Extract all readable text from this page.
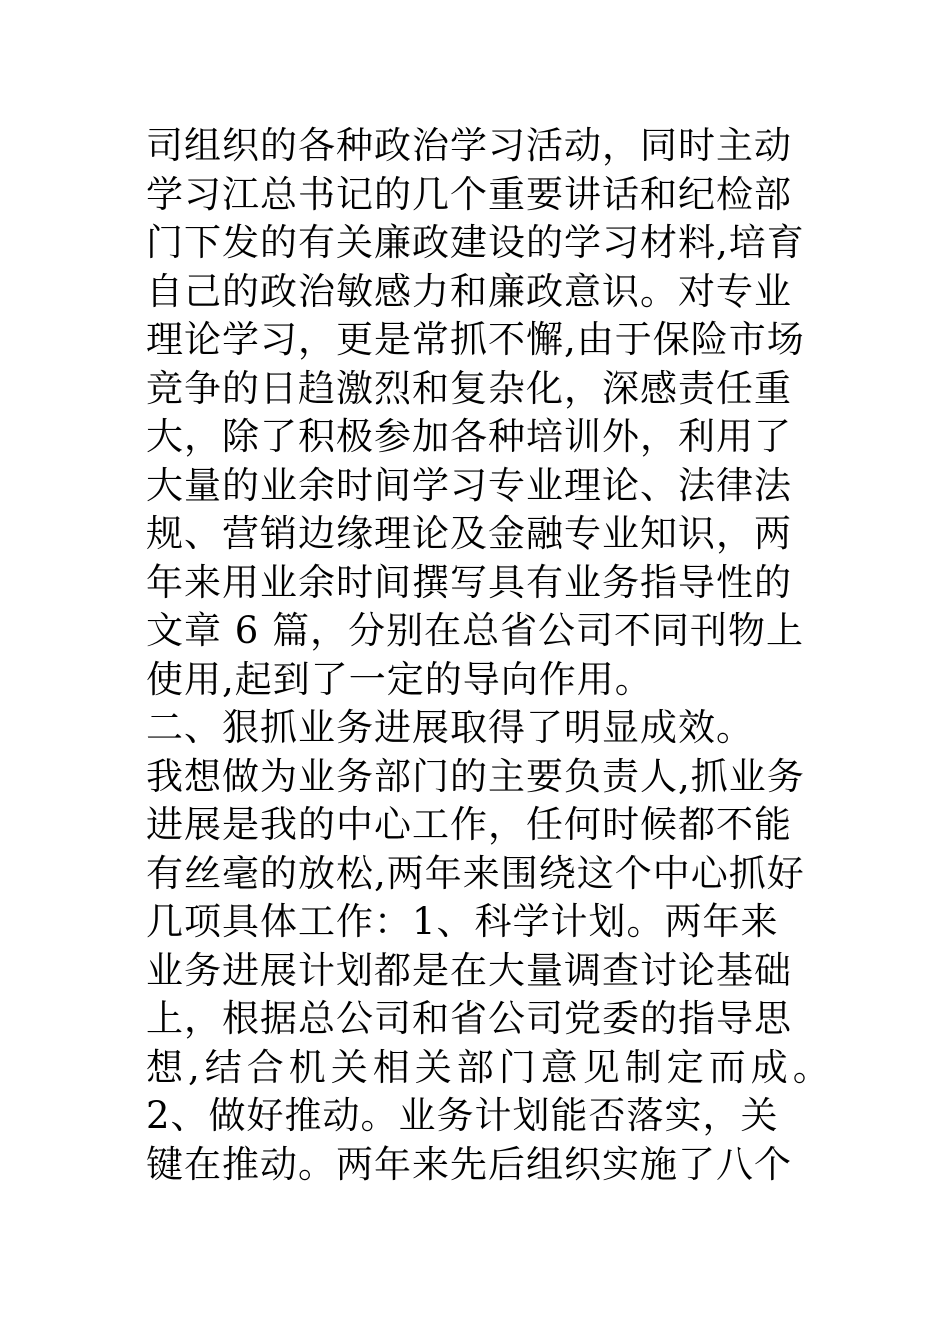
司组织的各种政治学习活动，同时主动
学习江总书记的几个重要讲话和纪检部
门下发的有关廉政建设的学习材料,培育
自己的政治敏感力和廉政意识。对专业
理论学习，更是常抓不懈,由于保险市场
竞争的日趋激烈和复杂化，深感责任重
大，除了积极参加各种培训外，利用了
大量的业余时间学习专业理论、法律法
规、营销边缘理论及金融专业知识，两
年来用业余时间撰写具有业务指导性的
文章 6 篇，分别在总省公司不同刊物上
使用,起到了一定的导向作用。
二、狠抓业务进展取得了明显成效。
我想做为业务部门的主要负责人,抓业务
进展是我的中心工作，任何时候都不能
有丝毫的放松,两年来围绕这个中心抓好
几项具体工作：1、科学计划。两年来
业务进展计划都是在大量调查讨论基础
上，根据总公司和省公司党委的指导思
想,结合机关相关部门意见制定而成。
2、做好推动。业务计划能否落实，关
键在推动。两年来先后组织实施了八个
